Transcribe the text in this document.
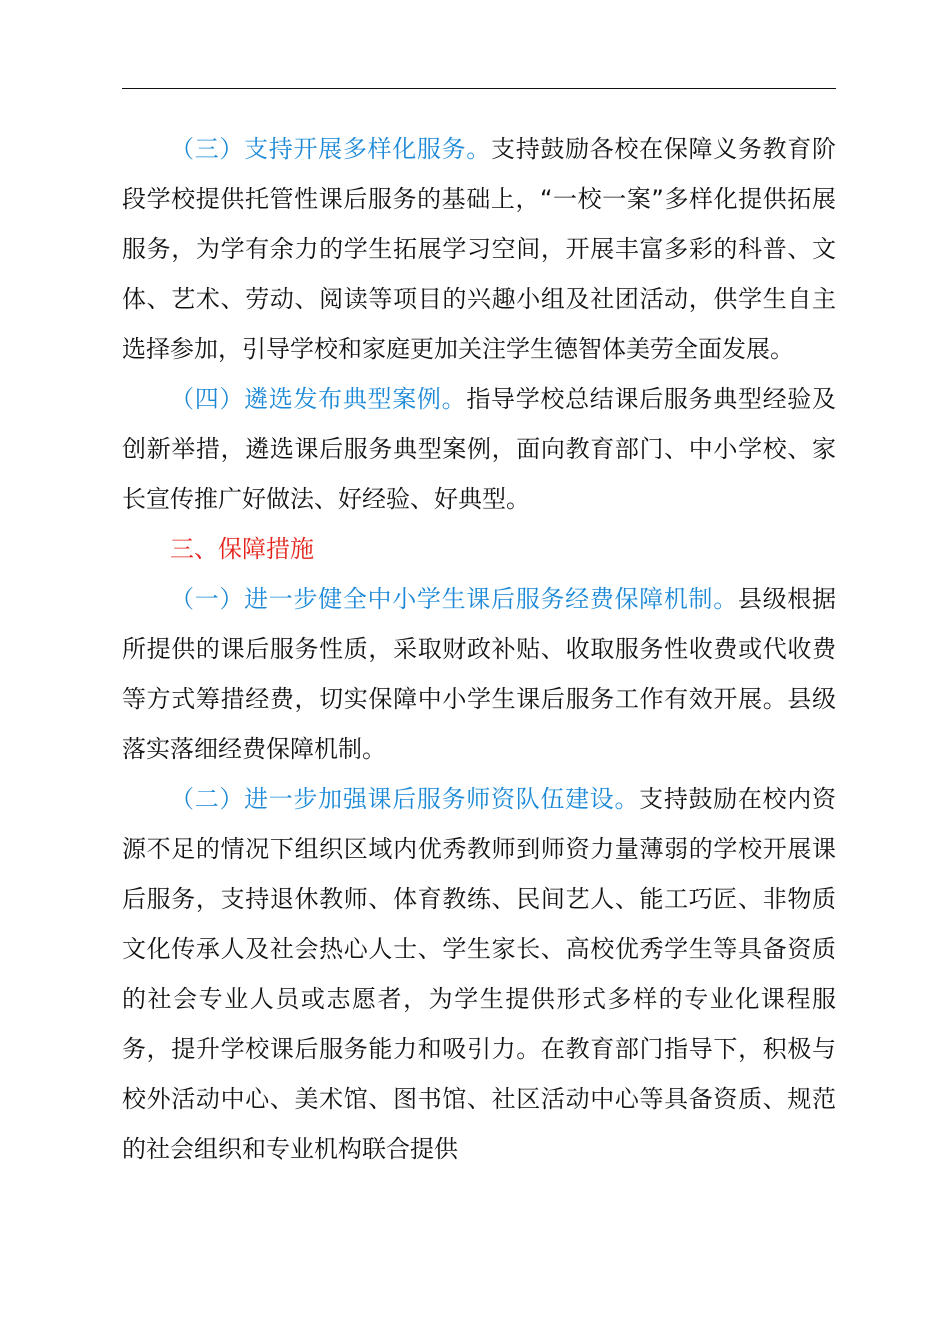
（三）支持开展多样化服务。支持鼓励各校在保障义务教育阶段学校提供托管性课后服务的基础上，“一校一案”多样化提供拓展服务，为学有余力的学生拓展学习空间，开展丰富多彩的科普、文体、艺术、劳动、阅读等项目的兴趣小组及社团活动，供学生自主选择参加，引导学校和家庭更加关注学生德智体美劳全面发展。

（四）遴选发布典型案例。指导学校总结课后服务典型经验及创新举措，遴选课后服务典型案例，面向教育部门、中小学校、家长宣传推广好做法、好经验、好典型。

三、保障措施

（一）进一步健全中小学生课后服务经费保障机制。县级根据所提供的课后服务性质，采取财政补贴、收取服务性收费或代收费等方式筹措经费，切实保障中小学生课后服务工作有效开展。县级落实落细经费保障机制。

（二）进一步加强课后服务师资队伍建设。支持鼓励在校内资源不足的情况下组织区域内优秀教师到师资力量薄弱的学校开展课后服务，支持退休教师、体育教练、民间艺人、能工巧匠、非物质文化传承人及社会热心人士、学生家长、高校优秀学生等具备资质的社会专业人员或志愿者，为学生提供形式多样的专业化课程服务，提升学校课后服务能力和吸引力。在教育部门指导下，积极与校外活动中心、美术馆、图书馆、社区活动中心等具备资质、规范的社会组织和专业机构联合提供
